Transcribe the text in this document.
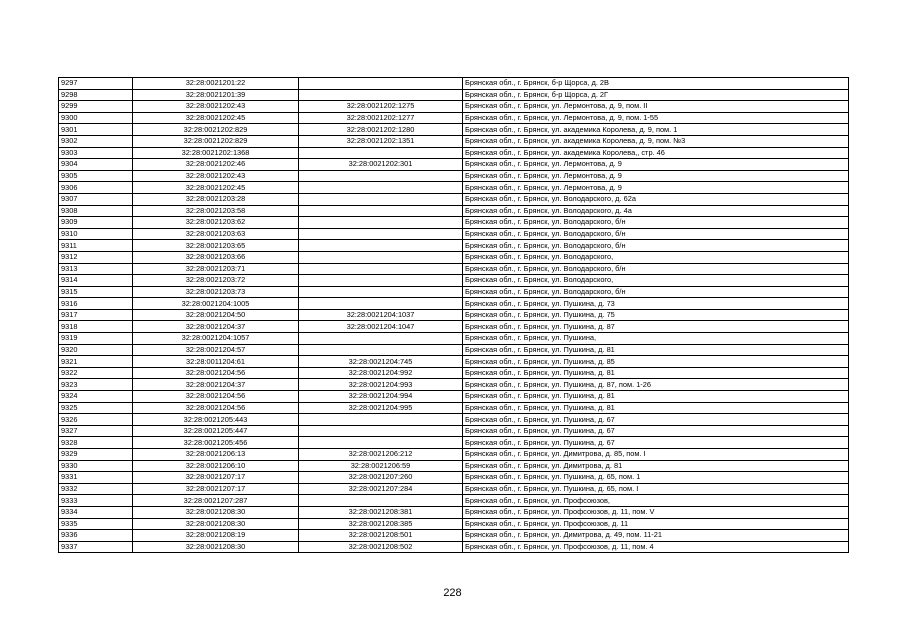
9297	32:28:0021201:22		Брянская обл., г. Брянск, б-р Щорса, д. 2В
9298	32:28:0021201:39		Брянская обл., г. Брянск, б-р Щорса, д. 2Г
9299	32:28:0021202:43	32:28:0021202:1275	Брянская обл., г. Брянск, ул. Лермонтова, д. 9, пом. II
9300	32:28:0021202:45	32:28:0021202:1277	Брянская обл., г. Брянск, ул. Лермонтова, д. 9, пом. 1-55
9301	32:28:0021202:829	32:28:0021202:1280	Брянская обл., г. Брянск, ул. академика Королева, д. 9, пом. 1
9302	32:28:0021202:829	32:28:0021202:1351	Брянская обл., г. Брянск, ул. академика Королева, д. 9, пом. №3
9303	32:28:0021202:1368		Брянская обл., г. Брянск, ул. академика Королева,, стр. 46
9304	32:28:0021202:46	32:28:0021202:301	Брянская обл., г. Брянск, ул. Лермонтова, д. 9
9305	32:28:0021202:43		Брянская обл., г. Брянск, ул. Лермонтова, д. 9
9306	32:28:0021202:45		Брянская обл., г. Брянск, ул. Лермонтова, д. 9
9307	32:28:0021203:28		Брянская обл., г. Брянск, ул. Володарского, д. 62а
9308	32:28:0021203:58		Брянская обл., г. Брянск, ул. Володарского, д. 4а
9309	32:28:0021203:62		Брянская обл., г. Брянск, ул. Володарского, б/н
9310	32:28:0021203:63		Брянская обл., г. Брянск, ул. Володарского, б/н
9311	32:28:0021203:65		Брянская обл., г. Брянск, ул. Володарского, б/н
9312	32:28:0021203:66		Брянская обл., г. Брянск, ул. Володарского,
9313	32:28:0021203:71		Брянская обл., г. Брянск, ул. Володарского, б/н
9314	32:28:0021203:72		Брянская обл., г. Брянск, ул. Володарского,
9315	32:28:0021203:73		Брянская обл., г. Брянск, ул. Володарского, б/н
9316	32:28:0021204:1005		Брянская обл., г. Брянск, ул. Пушкина, д. 73
9317	32:28:0021204:50	32:28:0021204:1037	Брянская обл., г. Брянск, ул. Пушкина, д. 75
9318	32:28:0021204:37	32:28:0021204:1047	Брянская обл., г. Брянск, ул. Пушкина, д. 87
9319	32:28:0021204:1057		Брянская обл., г. Брянск, ул. Пушкина,
9320	32:28:0021204:57		Брянская обл., г. Брянск, ул. Пушкина, д. 81
9321	32:28:0011204:61	32:28:0021204:745	Брянская обл., г. Брянск, ул. Пушкина, д. 85
9322	32:28:0021204:56	32:28:0021204:992	Брянская обл., г. Брянск, ул. Пушкина, д. 81
9323	32:28:0021204:37	32:28:0021204:993	Брянская обл., г. Брянск, ул. Пушкина, д. 87, пом. 1-26
9324	32:28:0021204:56	32:28:0021204:994	Брянская обл., г. Брянск, ул. Пушкина, д. 81
9325	32:28:0021204:56	32:28:0021204:995	Брянская обл., г. Брянск, ул. Пушкина, д. 81
9326	32:28:0021205:443		Брянская обл., г. Брянск, ул. Пушкина, д. 67
9327	32:28:0021205:447		Брянская обл., г. Брянск, ул. Пушкина, д. 67
9328	32:28:0021205:456		Брянская обл., г. Брянск, ул. Пушкина, д. 67
9329	32:28:0021206:13	32:28:0021206:212	Брянская обл., г. Брянск, ул. Димитрова, д. 85, пом. I
9330	32:28:0021206:10	32:28:0021206:59	Брянская обл., г. Брянск, ул. Димитрова, д. 81
9331	32:28:0021207:17	32:28:0021207:260	Брянская обл., г. Брянск, ул. Пушкина, д. 65, пом. 1
9332	32:28:0021207:17	32:28:0021207:284	Брянская обл., г. Брянск, ул. Пушкина, д. 65, пом. I
9333	32:28:0021207:287		Брянская обл., г. Брянск, ул. Профсоюзов,
9334	32:28:0021208:30	32:28:0021208:381	Брянская обл., г. Брянск, ул. Профсоюзов, д. 11, пом. V
9335	32:28:0021208:30	32:28:0021208:385	Брянская обл., г. Брянск, ул. Профсоюзов, д. 11
9336	32:28:0021208:19	32:28:0021208:501	Брянская обл., г. Брянск, ул. Димитрова, д. 49, пом. 11-21
9337	32:28:0021208:30	32:28:0021208:502	Брянская обл., г. Брянск, ул. Профсоюзов, д. 11, пом. 4
228
